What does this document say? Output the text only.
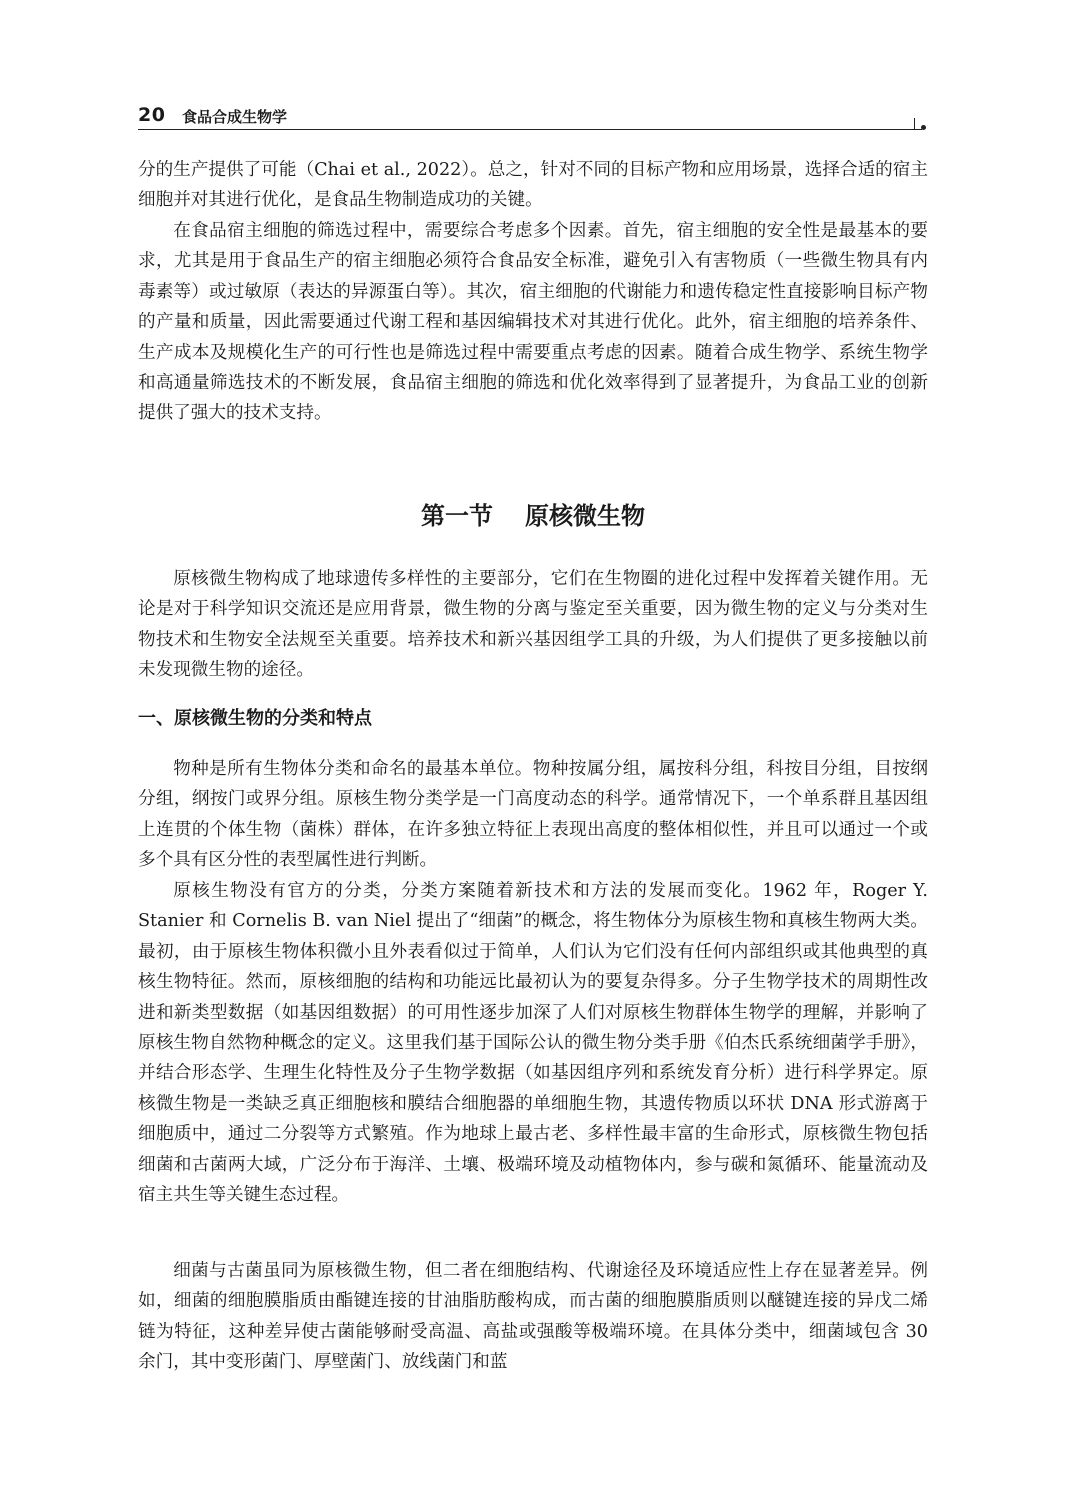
20 食品合成生物学

分的生产提供了可能（Chai et al., 2022）。总之，针对不同的目标产物和应用场景，选择合适的宿主细胞并对其进行优化，是食品生物制造成功的关键。

在食品宿主细胞的筛选过程中，需要综合考虑多个因素。首先，宿主细胞的安全性是最基本的要求，尤其是用于食品生产的宿主细胞必须符合食品安全标准，避免引入有害物质（一些微生物具有内毒素等）或过敏原（表达的异源蛋白等）。其次，宿主细胞的代谢能力和遗传稳定性直接影响目标产物的产量和质量，因此需要通过代谢工程和基因编辑技术对其进行优化。此外，宿主细胞的培养条件、生产成本及规模化生产的可行性也是筛选过程中需要重点考虑的因素。随着合成生物学、系统生物学和高通量筛选技术的不断发展，食品宿主细胞的筛选和优化效率得到了显著提升，为食品工业的创新提供了强大的技术支持。

第一节 原核微生物

原核微生物构成了地球遗传多样性的主要部分，它们在生物圈的进化过程中发挥着关键作用。无论是对于科学知识交流还是应用背景，微生物的分离与鉴定至关重要，因为微生物的定义与分类对生物技术和生物安全法规至关重要。培养技术和新兴基因组学工具的升级，为人们提供了更多接触以前未发现微生物的途径。

一、原核微生物的分类和特点

物种是所有生物体分类和命名的最基本单位。物种按属分组，属按科分组，科按目分组，目按纲分组，纲按门或界分组。原核生物分类学是一门高度动态的科学。通常情况下，一个单系群且基因组上连贯的个体生物（菌株）群体，在许多独立特征上表现出高度的整体相似性，并且可以通过一个或多个具有区分性的表型属性进行判断。

原核生物没有官方的分类，分类方案随着新技术和方法的发展而变化。1962 年，Roger Y. Stanier 和 Cornelis B. van Niel 提出了“细菌”的概念，将生物体分为原核生物和真核生物两大类。最初，由于原核生物体积微小且外表看似过于简单，人们认为它们没有任何内部组织或其他典型的真核生物特征。然而，原核细胞的结构和功能远比最初认为的要复杂得多。分子生物学技术的周期性改进和新类型数据（如基因组数据）的可用性逐步加深了人们对原核生物群体生物学的理解，并影响了原核生物自然物种概念的定义。这里我们基于国际公认的微生物分类手册《伯杰氏系统细菌学手册》，并结合形态学、生理生化特性及分子生物学数据（如基因组序列和系统发育分析）进行科学界定。原核微生物是一类缺乏真正细胞核和膜结合细胞器的单细胞生物，其遗传物质以环状 DNA 形式游离于细胞质中，通过二分裂等方式繁殖。作为地球上最古老、多样性最丰富的生命形式，原核微生物包括细菌和古菌两大域，广泛分布于海洋、土壤、极端环境及动植物体内，参与碳和氮循环、能量流动及宿主共生等关键生态过程。

细菌与古菌虽同为原核微生物，但二者在细胞结构、代谢途径及环境适应性上存在显著差异。例如，细菌的细胞膜脂质由酯键连接的甘油脂肪酸构成，而古菌的细胞膜脂质则以醚键连接的异戊二烯链为特征，这种差异使古菌能够耐受高温、高盐或强酸等极端环境。在具体分类中，细菌域包含 30 余门，其中变形菌门、厚壁菌门、放线菌门和蓝
